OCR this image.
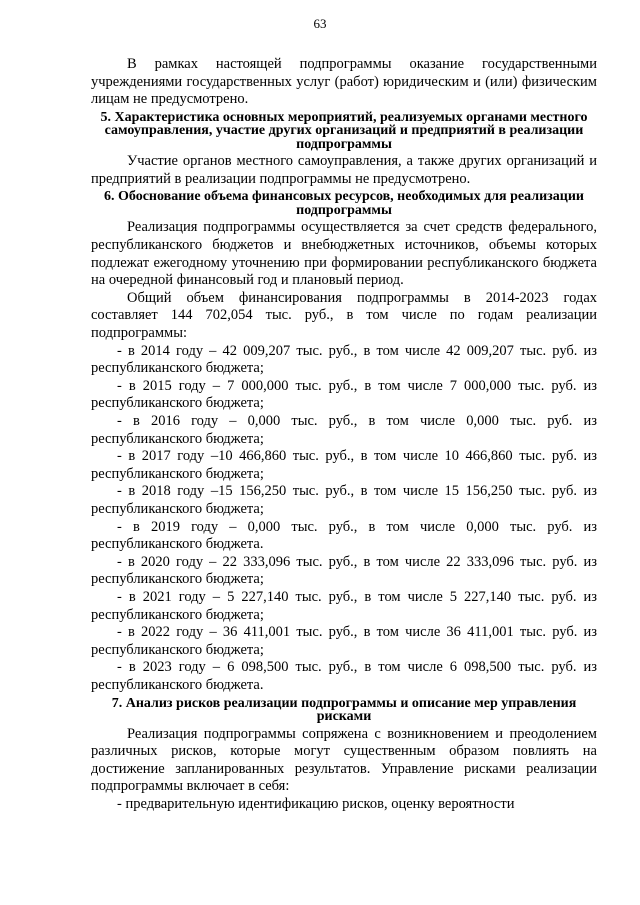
63

В рамках настоящей подпрограммы оказание государственными учреждениями государственных услуг (работ) юридическим и (или) физическим лицам не предусмотрено.

5. Характеристика основных мероприятий, реализуемых органами местного самоуправления, участие других организаций и предприятий в реализации подпрограммы

Участие органов местного самоуправления, а также других организаций и предприятий в реализации подпрограммы не предусмотрено.

6. Обоснование объема финансовых ресурсов, необходимых для реализации подпрограммы

Реализация подпрограммы осуществляется за счет средств федерального, республиканского бюджетов и внебюджетных источников, объемы которых подлежат ежегодному уточнению при формировании республиканского бюджета на очередной финансовый год и плановый период.

Общий объем финансирования подпрограммы в 2014-2023 годах составляет 144 702,054 тыс. руб., в том числе по годам реализации подпрограммы:

- в 2014 году – 42 009,207 тыс. руб., в том числе 42 009,207 тыс. руб. из республиканского бюджета;

- в 2015 году – 7 000,000 тыс. руб., в том числе 7 000,000 тыс. руб. из республиканского бюджета;

- в 2016 году – 0,000 тыс. руб., в том числе 0,000 тыс. руб. из республиканского бюджета;

- в 2017 году –10 466,860 тыс. руб., в том числе 10 466,860 тыс. руб. из республиканского бюджета;

- в 2018 году –15 156,250 тыс. руб., в том числе 15 156,250 тыс. руб. из республиканского бюджета;

- в 2019 году – 0,000 тыс. руб., в том числе 0,000 тыс. руб. из республиканского бюджета.

- в 2020 году – 22 333,096 тыс. руб., в том числе 22 333,096 тыс. руб. из республиканского бюджета;

- в 2021 году – 5 227,140 тыс. руб., в том числе 5 227,140 тыс. руб. из республиканского бюджета;

- в 2022 году – 36 411,001 тыс. руб., в том числе 36 411,001 тыс. руб. из республиканского бюджета;

- в 2023 году – 6 098,500 тыс. руб., в том числе 6 098,500 тыс. руб. из республиканского бюджета.

7. Анализ рисков реализации подпрограммы и описание мер управления рисками

Реализация подпрограммы сопряжена с возникновением и преодолением различных рисков, которые могут существенным образом повлиять на достижение запланированных результатов. Управление рисками реализации подпрограммы включает в себя:

- предварительную идентификацию рисков, оценку вероятности
